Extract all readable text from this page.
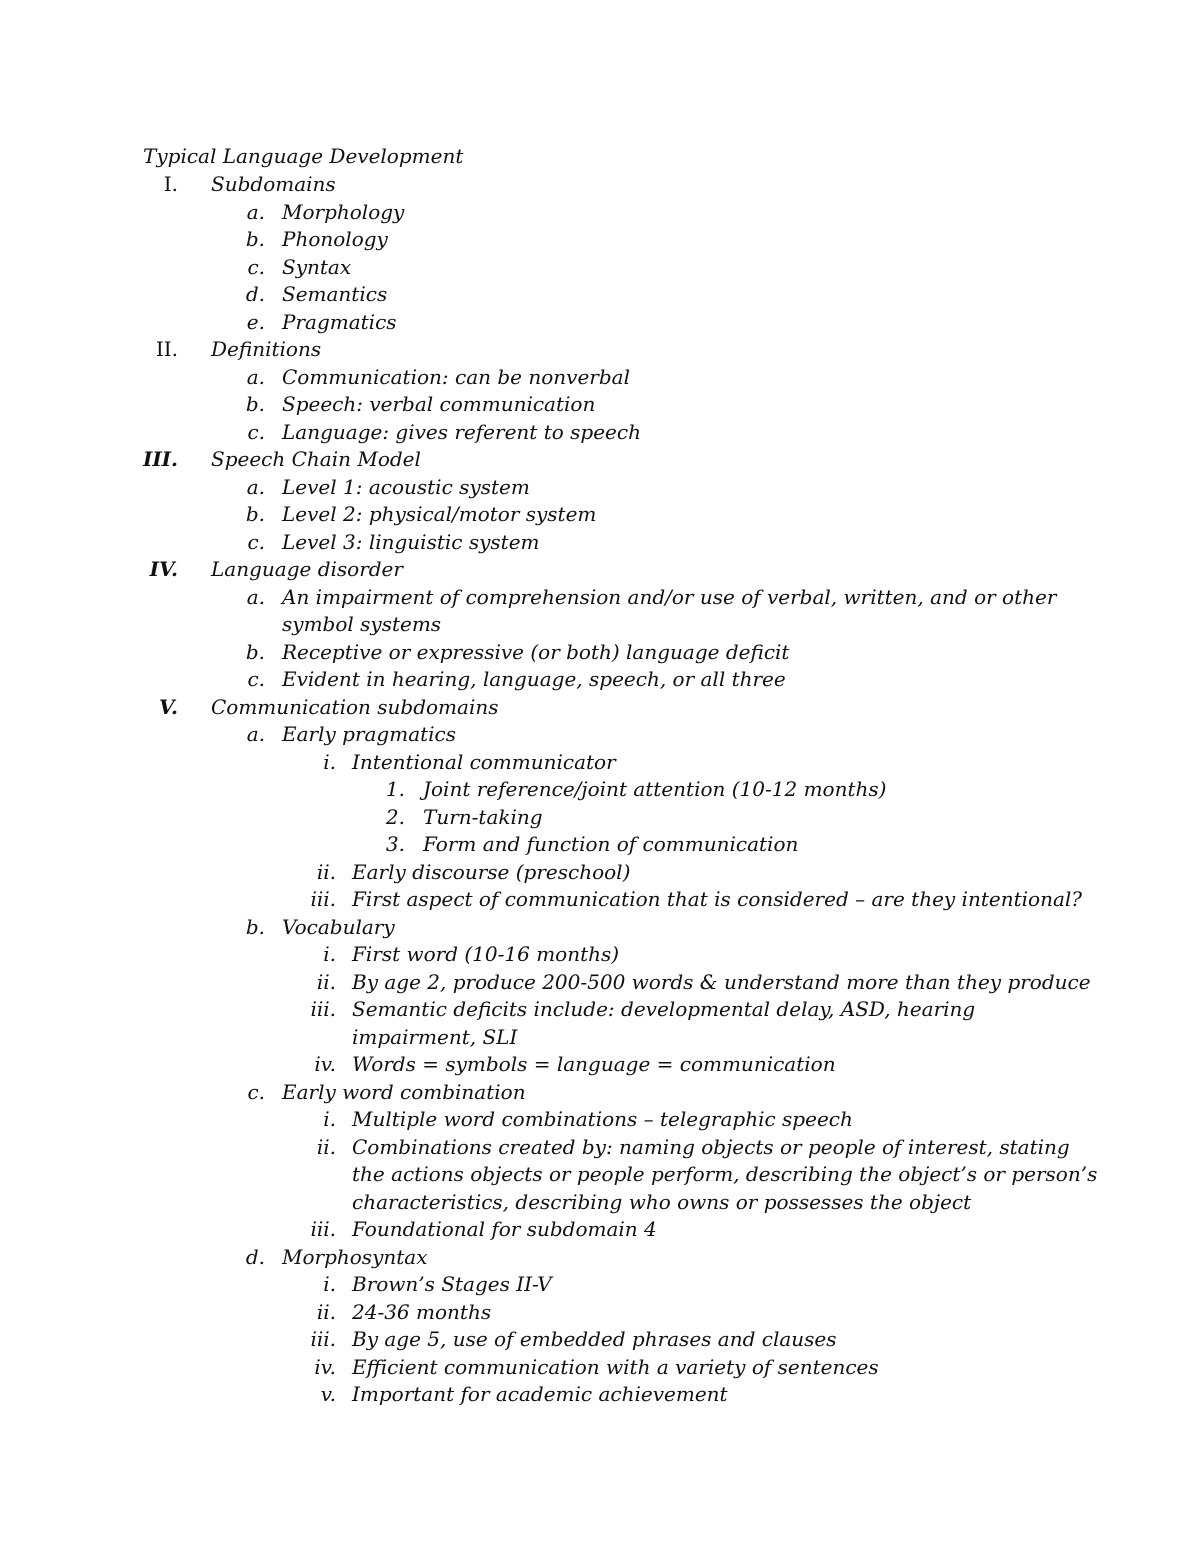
Typical Language Development
I. Subdomains
a. Morphology
b. Phonology
c. Syntax
d. Semantics
e. Pragmatics
II. Definitions
a. Communication: can be nonverbal
b. Speech: verbal communication
c. Language: gives referent to speech
III. Speech Chain Model
a. Level 1: acoustic system
b. Level 2: physical/motor system
c. Level 3: linguistic system
IV. Language disorder
a. An impairment of comprehension and/or use of verbal, written, and or other
symbol systems
b. Receptive or expressive (or both) language deficit
c. Evident in hearing, language, speech, or all three
V. Communication subdomains
a. Early pragmatics
i. Intentional communicator
1. Joint reference/joint attention (10-12 months)
2. Turn-taking
3. Form and function of communication
ii. Early discourse (preschool)
iii. First aspect of communication that is considered – are they intentional?
b. Vocabulary
i. First word (10-16 months)
ii. By age 2, produce 200-500 words & understand more than they produce
iii. Semantic deficits include: developmental delay, ASD, hearing
impairment, SLI
iv. Words = symbols = language = communication
c. Early word combination
i. Multiple word combinations – telegraphic speech
ii. Combinations created by: naming objects or people of interest, stating
the actions objects or people perform, describing the object’s or person’s
characteristics, describing who owns or possesses the object
iii. Foundational for subdomain 4
d. Morphosyntax
i. Brown’s Stages II-V
ii. 24-36 months
iii. By age 5, use of embedded phrases and clauses
iv. Efficient communication with a variety of sentences
v. Important for academic achievement
